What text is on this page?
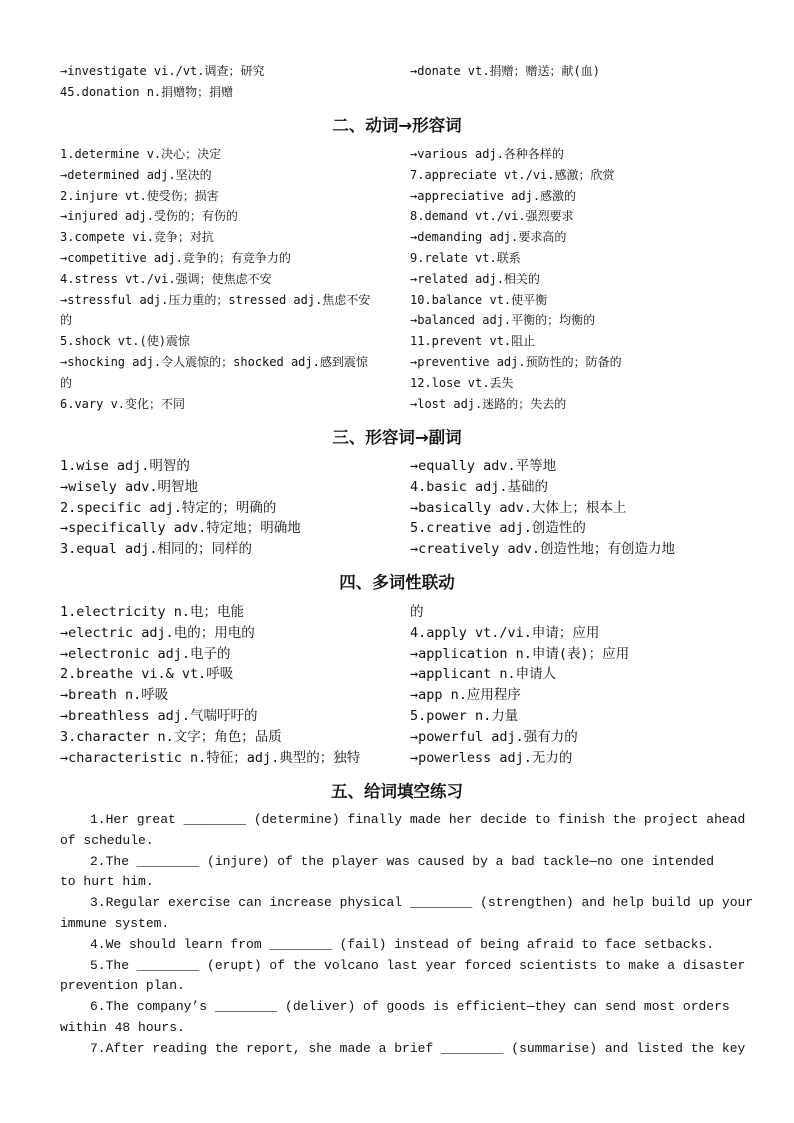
→investigate vi./vt.调查；研究
45.donation n.捐赠物；捐赠
→donate vt.捐赠；赠送；献(血)
二、动词→形容词
1.determine v.决心；决定
→determined adj.坚决的
2.injure vt.使受伤；损害
→injured adj.受伤的；有伤的
3.compete vi.竞争；对抗
→competitive adj.竞争的；有竞争力的
4.stress vt./vi.强调；使焦虑不安
→stressful adj.压力重的；stressed adj.焦虑不安
的
5.shock vt.(使)震惊
→shocking adj.令人震惊的；shocked adj.感到震惊
的
6.vary v.变化；不同
→various adj.各种各样的
7.appreciate vt./vi.感激；欣赏
→appreciative adj.感激的
8.demand vt./vi.强烈要求
→demanding adj.要求高的
9.relate vt.联系
→related adj.相关的
10.balance vt.使平衡
→balanced adj.平衡的；均衡的
11.prevent vt.阻止
→preventive adj.预防性的；防备的
12.lose vt.丢失
→lost adj.迷路的；失去的
三、形容词→副词
1.wise adj.明智的
→wisely adv.明智地
2.specific adj.特定的；明确的
→specifically adv.特定地；明确地
3.equal adj.相同的；同样的
→equally adv.平等地
4.basic adj.基础的
→basically adv.大体上；根本上
5.creative adj.创造性的
→creatively adv.创造性地；有创造力地
四、多词性联动
1.electricity n.电；电能
→electric adj.电的；用电的
→electronic adj.电子的
2.breathe vi.& vt.呼吸
→breath n.呼吸
→breathless adj.气喘吁吁的
3.character n.文字；角色；品质
→characteristic n.特征；adj.典型的；独特
的
4.apply vt./vi.申请；应用
→application n.申请(表)；应用
→applicant n.申请人
→app n.应用程序
5.power n.力量
→powerful adj.强有力的
→powerless adj.无力的
五、给词填空练习
1.Her great ________ (determine) finally made her decide to finish the project ahead
of schedule.
2.The ________ (injure) of the player was caused by a bad tackle—no one intended
to hurt him.
3.Regular exercise can increase physical ________ (strengthen) and help build up your
immune system.
4.We should learn from ________ (fail) instead of being afraid to face setbacks.
5.The ________ (erupt) of the volcano last year forced scientists to make a disaster
prevention plan.
6.The company’s ________ (deliver) of goods is efficient—they can send most orders
within 48 hours.
7.After reading the report, she made a brief ________ (summarise) and listed the key
